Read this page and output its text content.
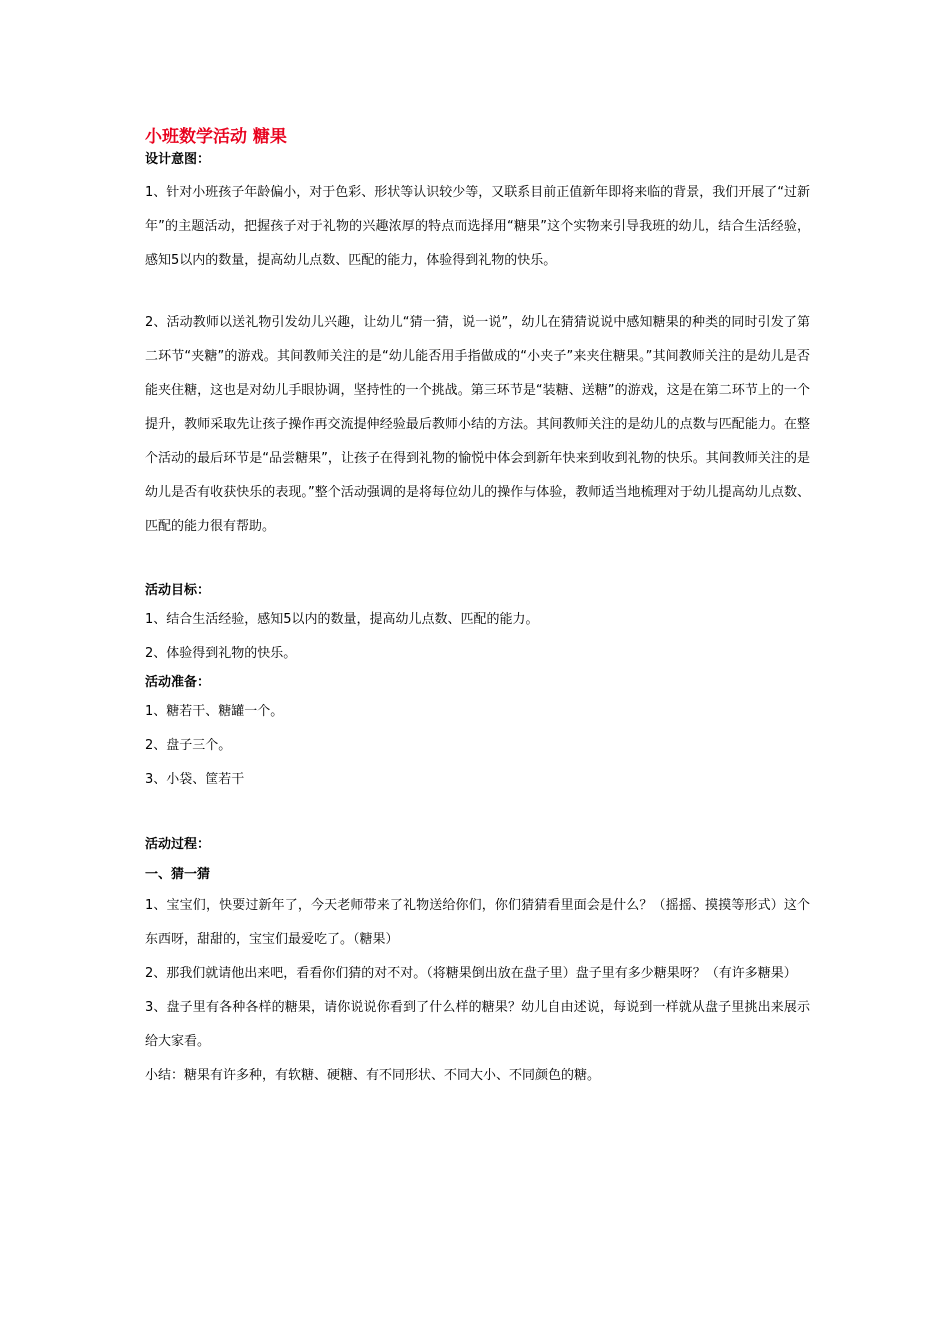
小班数学活动 糖果
设计意图：
1、针对小班孩子年龄偏小，对于色彩、形状等认识较少等，又联系目前正值新年即将来临的背景，我们开展了“过新年”的主题活动，把握孩子对于礼物的兴趣浓厚的特点而选择用“糖果”这个实物来引导我班的幼儿，结合生活经验，感知5以内的数量，提高幼儿点数、匹配的能力，体验得到礼物的快乐。
2、活动教师以送礼物引发幼儿兴趣，让幼儿“猜一猜，说一说”，幼儿在猜猜说说中感知糖果的种类的同时引发了第二环节“夹糖”的游戏。其间教师关注的是“幼儿能否用手指做成的“小夹子”来夹住糖果。”其间教师关注的是幼儿是否能夹住糖，这也是对幼儿手眼协调，坚持性的一个挑战。第三环节是“装糖、送糖”的游戏，这是在第二环节上的一个提升，教师采取先让孩子操作再交流提伸经验最后教师小结的方法。其间教师关注的是幼儿的点数与匹配能力。在整个活动的最后环节是“品尝糖果”，让孩子在得到礼物的愉悦中体会到新年快来到收到礼物的快乐。其间教师关注的是幼儿是否有收获快乐的表现。”整个活动强调的是将每位幼儿的操作与体验，教师适当地梳理对于幼儿提高幼儿点数、匹配的能力很有帮助。
活动目标：
1、结合生活经验，感知5以内的数量，提高幼儿点数、匹配的能力。
2、体验得到礼物的快乐。
活动准备：
1、糖若干、糖罐一个。
2、盘子三个。
3、小袋、筐若干
活动过程：
一、猜一猜
1、宝宝们，快要过新年了，今天老师带来了礼物送给你们，你们猜猜看里面会是什么？（摇摇、摸摸等形式）这个东西呀，甜甜的，宝宝们最爱吃了。（糖果）
2、那我们就请他出来吧，看看你们猜的对不对。（将糖果倒出放在盘子里）盘子里有多少糖果呀？（有许多糖果）
3、盘子里有各种各样的糖果，请你说说你看到了什么样的糖果？幼儿自由述说，每说到一样就从盘子里挑出来展示给大家看。
小结：糖果有许多种，有软糖、硬糖、有不同形状、不同大小、不同颜色的糖。
